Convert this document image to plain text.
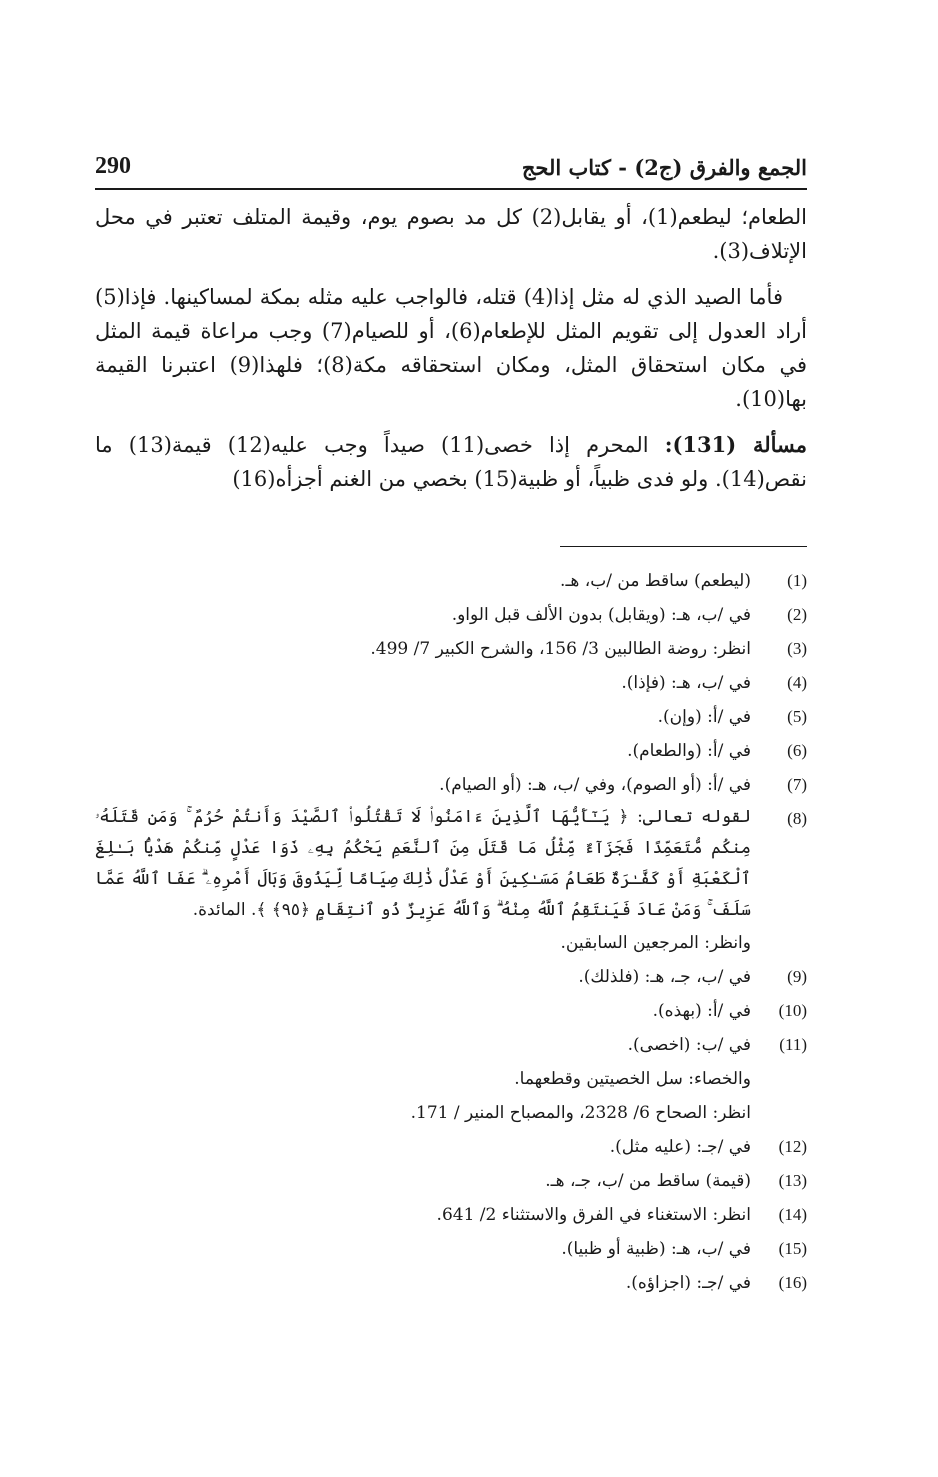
الجمع والفرق (ج2) - كتاب الحج
290

الطعام؛ ليطعم(1)، أو يقابل(2) كل مد بصوم يوم، وقيمة المتلف تعتبر في محل الإتلاف(3).

فأما الصيد الذي له مثل إذا(4) قتله، فالواجب عليه مثله بمكة لمساكينها. فإذا(5) أراد العدول إلى تقويم المثل للإطعام(6)، أو للصيام(7) وجب مراعاة قيمة المثل في مكان استحقاق المثل، ومكان استحقاقه مكة(8)؛ فلهذا(9) اعتبرنا القيمة بها(10).

مسألة (131): المحرم إذا خصى(11) صيداً وجب عليه(12) قيمة(13) ما نقص(14). ولو فدى ظبياً، أو ظبية(15) بخصي من الغنم أجزأه(16)

(1)
(ليطعم) ساقط من /ب، هـ.
(2)
في /ب، هـ: (ويقابل) بدون الألف قبل الواو.
(3)
انظر: روضة الطالبين 3/ 156، والشرح الكبير 7/ 499.
(4)
في /ب، هـ: (فإذا).
(5)
في /أ: (وإن).
(6)
في /أ: (والطعام).
(7)
في /أ: (أو الصوم)، وفي /ب، هـ: (أو الصيام).
(8)
لقوله تعالى: ﴿ يَـٰٓأَيُّهَا ٱلَّذِينَ ءَامَنُوا۟ لَا تَقْتُلُوا۟ ٱلصَّيْدَ وَأَنتُمْ حُرُمٌ ۚ وَمَن قَتَلَهُۥ مِنكُم مُّتَعَمِّدًا فَجَزَآءٌ مِّثْلُ مَا قَتَلَ مِنَ ٱلنَّعَمِ يَحْكُمُ بِهِۦ ذَوَا عَدْلٍ مِّنكُمْ هَدْيًۢا بَـٰلِغَ ٱلْكَعْبَةِ أَوْ كَفَّـٰرَةٌ طَعَامُ مَسَـٰكِينَ أَوْ عَدْلُ ذَٰلِكَ صِيَامًا لِّيَذُوقَ وَبَالَ أَمْرِهِۦ ۗ عَفَا ٱللَّهُ عَمَّا سَلَفَ ۚ وَمَنْ عَادَ فَيَنتَقِمُ ٱللَّهُ مِنْهُ ۗ وَٱللَّهُ عَزِيزٌ ذُو ٱنتِقَامٍ ﴿٩٥﴾ ﴾. المائدة.
وانظر: المرجعين السابقين.
(9)
في /ب، جـ، هـ: (فلذلك).
(10)
في /أ: (بهذه).
(11)
في /ب: (اخصى).
والخصاء: سل الخصيتين وقطعهما.
انظر: الصحاح 6/ 2328، والمصباح المنير / 171.
(12)
في /جـ: (عليه مثل).
(13)
(قيمة) ساقط من /ب، جـ، هـ.
(14)
انظر: الاستغناء في الفرق والاستثناء 2/ 641.
(15)
في /ب، هـ: (ظبية أو ظبيا).
(16)
في /جـ: (اجزاؤه).
